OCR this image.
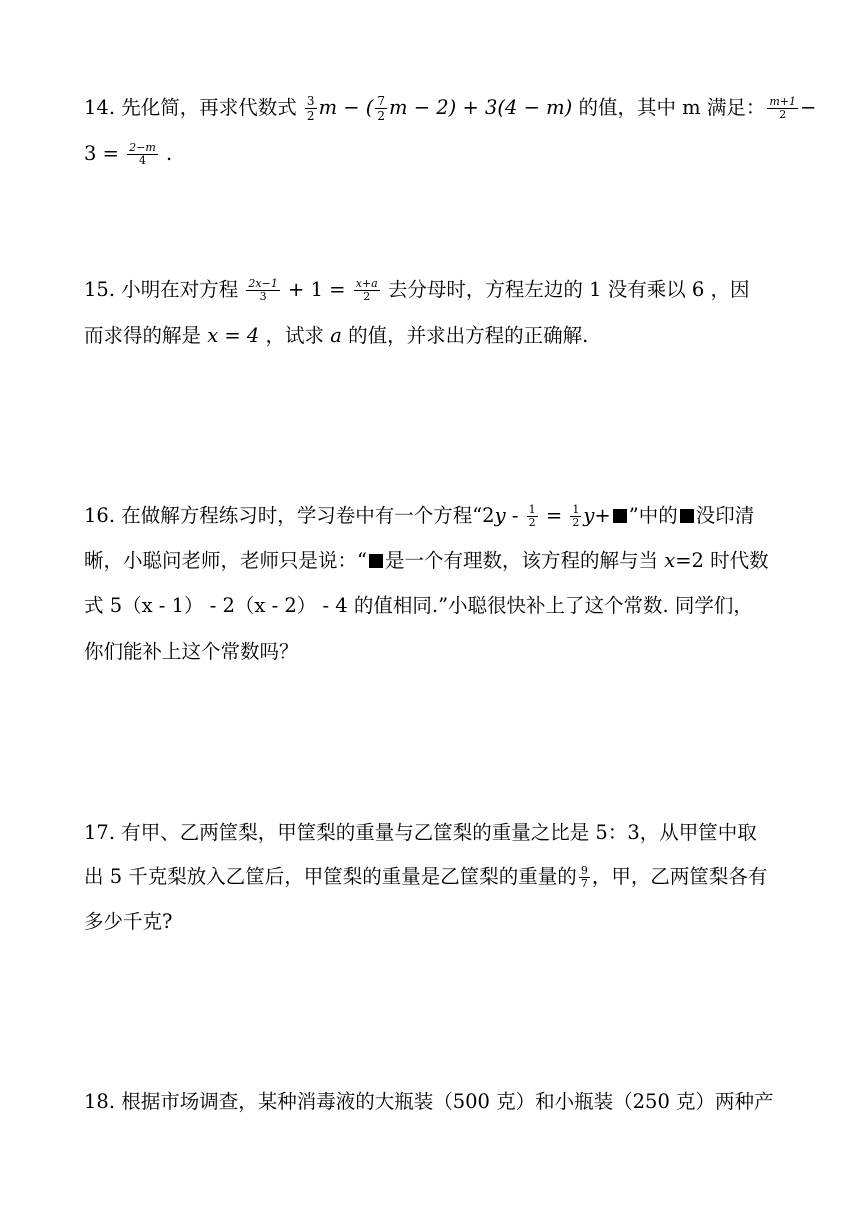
14. 先化简，再求代数式 $\frac{3}{2}$ m − ( $\frac{7}{2}$ m − 2) + 3(4 − m) 的值，其中 m 满足： $\frac{m+1}{2}$ −
$3 = \frac{2-m}{4}$ .
15. 小明在对方程 $\frac{2x-1}{3} + 1 = \frac{x+a}{2}$ 去分母时，方程左边的 1 没有乘以 6 ，因
而求得的解是 x = 4 ，试求 a 的值，并求出方程的正确解.
16. 在做解方程练习时，学习卷中有一个方程“$2y - \frac{1}{2} = \frac{1}{2} y+$ ”中的 没印清
晰，小聪问老师，老师只是说：“ 是一个有理数，该方程的解与当 x=2 时代数
式 5（x - 1） - 2（x - 2） - 4 的值相同.”小聪很快补上了这个常数. 同学们，
你们能补上这个常数吗？
17. 有甲、乙两筐梨，甲筐梨的重量与乙筐梨的重量之比是 5：3，从甲筐中取
出 5 千克梨放入乙筐后，甲筐梨的重量是乙筐梨的重量的 $\frac{9}{7}$ ，甲，乙两筐梨各有
多少千克?
18. 根据市场调查，某种消毒液的大瓶装（500 克）和小瓶装（250 克）两种产
